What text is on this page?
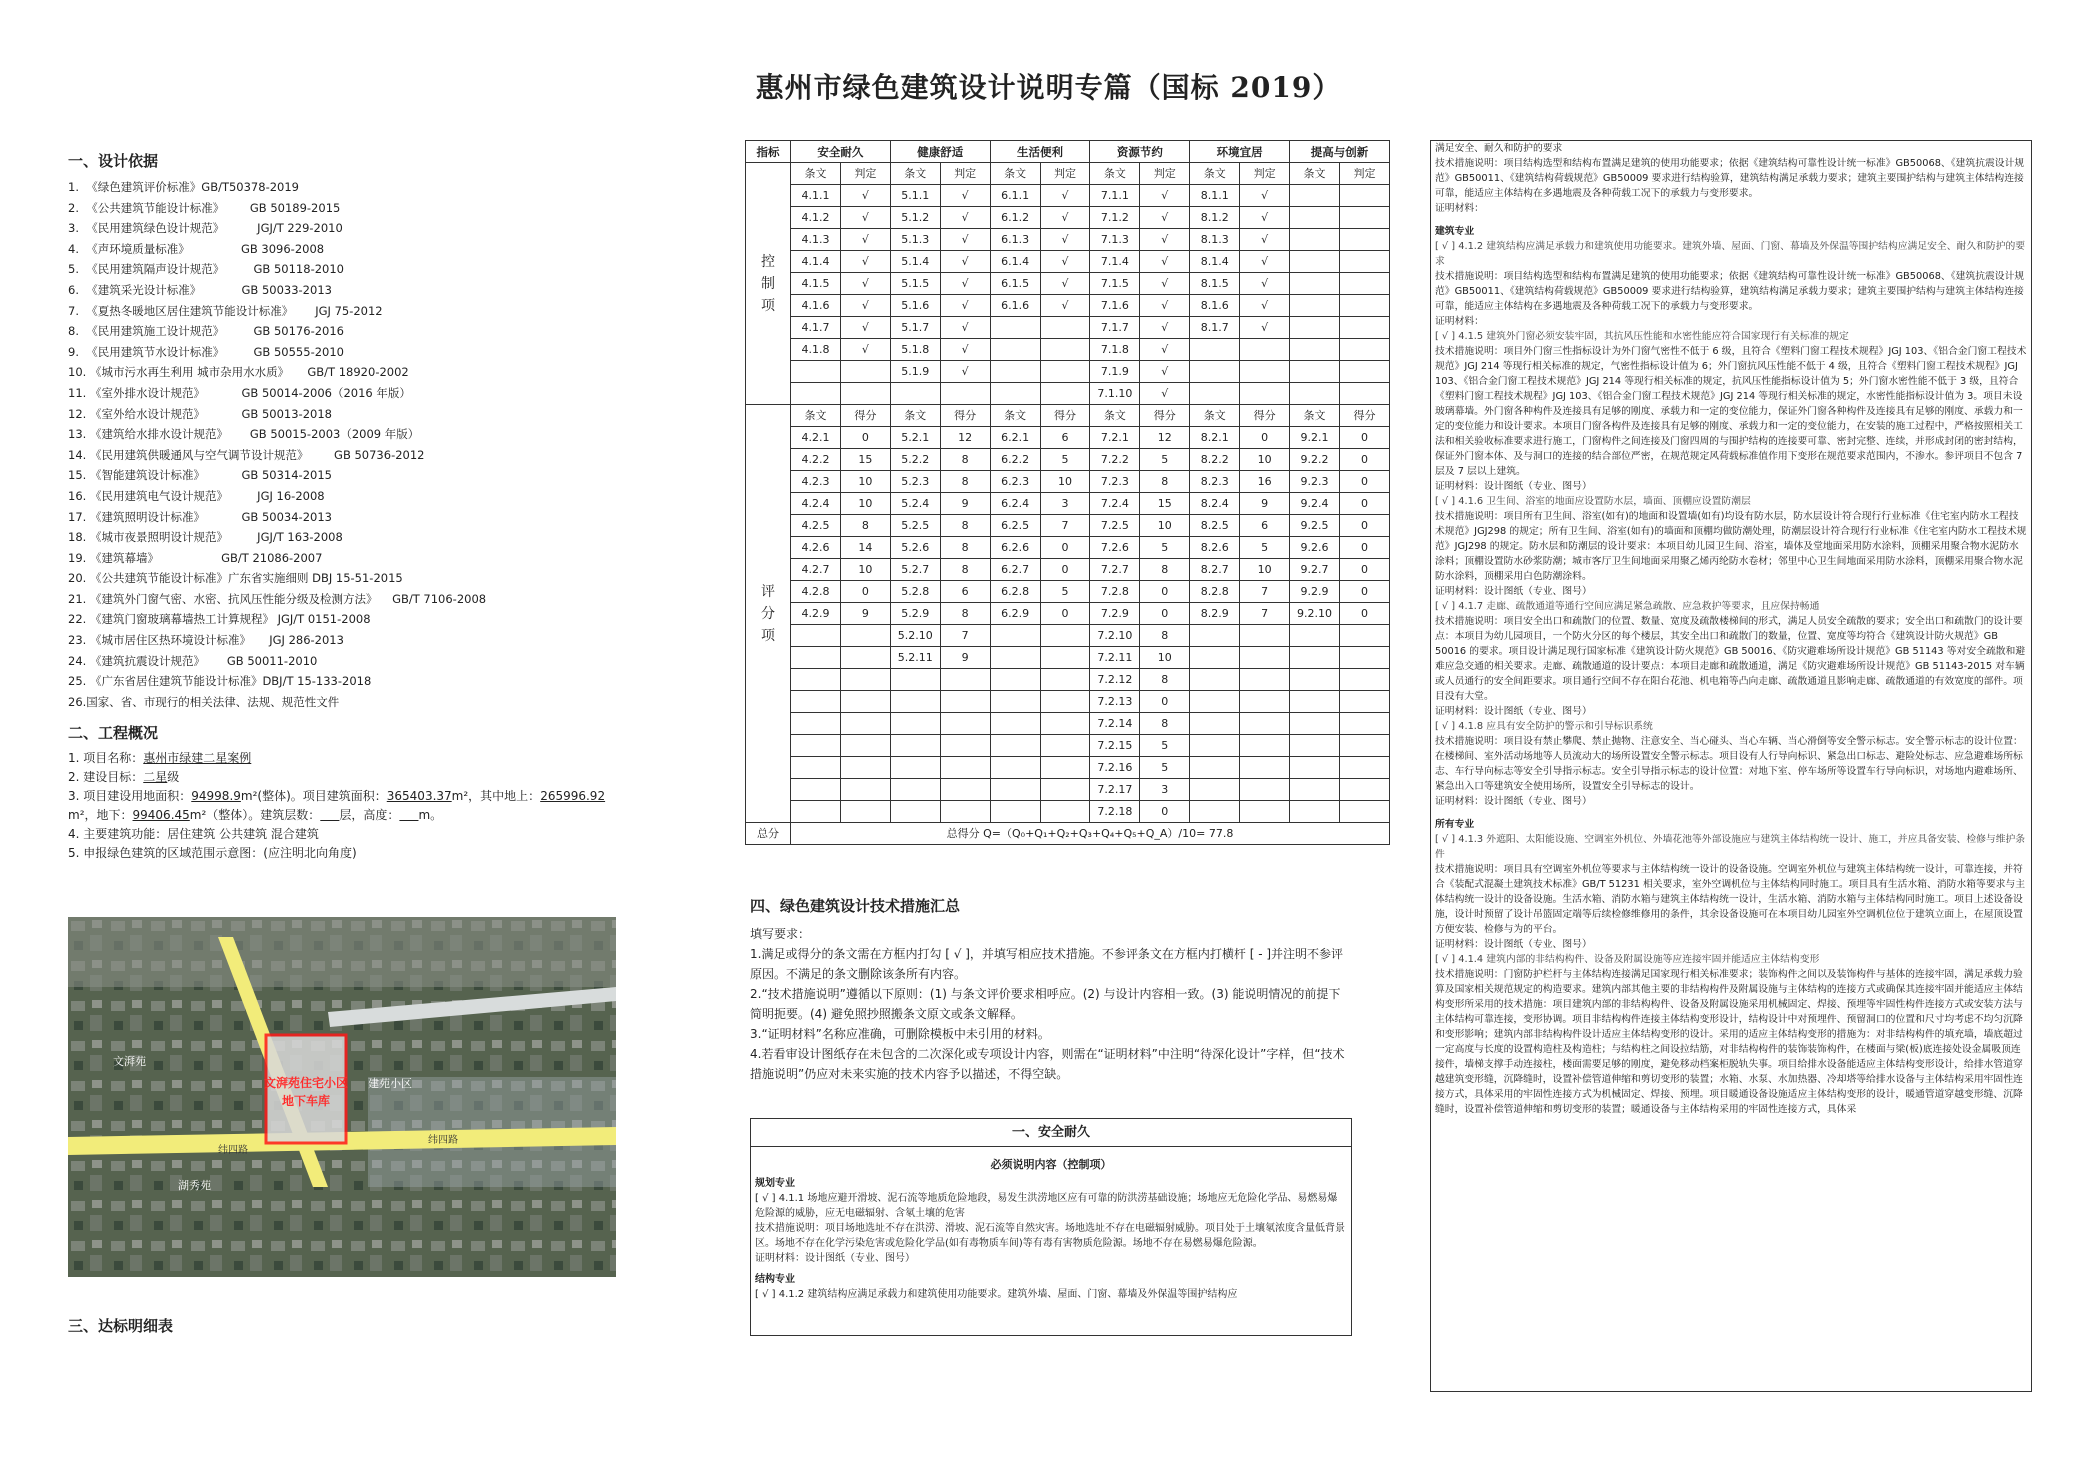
惠州市绿色建筑设计说明专篇（国标 2019）
一、设计依据
1.  《绿色建筑评价标准》GB/T50378-2019
2.  《公共建筑节能设计标准》       GB 50189-2015
3.  《民用建筑绿色设计规范》         JGJ/T 229-2010
4.  《声环境质量标准》              GB 3096-2008
5.  《民用建筑隔声设计规范》        GB 50118-2010
6.  《建筑采光设计标准》           GB 50033-2013
7.  《夏热冬暖地区居住建筑节能设计标准》      JGJ 75-2012
8.  《民用建筑施工设计规范》        GB 50176-2016
9.  《民用建筑节水设计标准》        GB 50555-2010
10. 《城市污水再生利用 城市杂用水水质》     GB/T 18920-2002
11. 《室外排水设计规范》          GB 50014-2006（2016 年版）
12. 《室外给水设计规范》          GB 50013-2018
13. 《建筑给水排水设计规范》      GB 50015-2003（2009 年版）
14. 《民用建筑供暖通风与空气调节设计规范》       GB 50736-2012
15. 《智能建筑设计标准》          GB 50314-2015
16. 《民用建筑电气设计规范》        JGJ 16-2008
17. 《建筑照明设计标准》          GB 50034-2013
18. 《城市夜景照明设计规范》        JGJ/T 163-2008
19. 《建筑幕墙》                 GB/T 21086-2007
20. 《公共建筑节能设计标准》广东省实施细则 DBJ 15-51-2015
21. 《建筑外门窗气密、水密、抗风压性能分级及检测方法》    GB/T 7106-2008
22. 《建筑门窗玻璃幕墙热工计算规程》 JGJ/T 0151-2008
23. 《城市居住区热环境设计标准》     JGJ 286-2013
24. 《建筑抗震设计规范》      GB 50011-2010
25. 《广东省居住建筑节能设计标准》DBJ/T 15-133-2018
26.国家、省、市现行的相关法律、法规、规范性文件
二、工程概况
1. 项目名称：惠州市绿建二星案例
2. 建设目标：二星级
3. 项目建设用地面积：94998.9m²(整体)。项目建筑面积：365403.37m²，其中地上：265996.92
m²，地下：99406.45m²（整体）。建筑层数： 层，高度： m。
4. 主要建筑功能：居住建筑 公共建筑 混合建筑
5. 申报绿色建筑的区域范围示意图：(应注明北向角度)
文湃苑住宅小区
地下车库
建苑小区
文湃苑
湖秀苑
纬四路
纬四路
三、达标明细表
指标	安全耐久		健康舒适		生活便利		资源节约		环境宜居		提高与创新	
控
制
项	条文	判定	条文	判定	条文	判定	条文	判定	条文	判定	条文	判定
	4.1.1	√	5.1.1	√	6.1.1	√	7.1.1	√	8.1.1	√		
	4.1.2	√	5.1.2	√	6.1.2	√	7.1.2	√	8.1.2	√		
	4.1.3	√	5.1.3	√	6.1.3	√	7.1.3	√	8.1.3	√		
	4.1.4	√	5.1.4	√	6.1.4	√	7.1.4	√	8.1.4	√		
	4.1.5	√	5.1.5	√	6.1.5	√	7.1.5	√	8.1.5	√		
	4.1.6	√	5.1.6	√	6.1.6	√	7.1.6	√	8.1.6	√		
	4.1.7	√	5.1.7	√			7.1.7	√	8.1.7	√		
	4.1.8	√	5.1.8	√			7.1.8	√				
			5.1.9	√			7.1.9	√				
							7.1.10	√				
评
分
项	条文	得分	条文	得分	条文	得分	条文	得分	条文	得分	条文	得分
	4.2.1	0	5.2.1	12	6.2.1	6	7.2.1	12	8.2.1	0	9.2.1	0
	4.2.2	15	5.2.2	8	6.2.2	5	7.2.2	5	8.2.2	10	9.2.2	0
	4.2.3	10	5.2.3	8	6.2.3	10	7.2.3	8	8.2.3	16	9.2.3	0
	4.2.4	10	5.2.4	9	6.2.4	3	7.2.4	15	8.2.4	9	9.2.4	0
	4.2.5	8	5.2.5	8	6.2.5	7	7.2.5	10	8.2.5	6	9.2.5	0
	4.2.6	14	5.2.6	8	6.2.6	0	7.2.6	5	8.2.6	5	9.2.6	0
	4.2.7	10	5.2.7	8	6.2.7	0	7.2.7	8	8.2.7	10	9.2.7	0
	4.2.8	0	5.2.8	6	6.2.8	5	7.2.8	0	8.2.8	7	9.2.9	0
	4.2.9	9	5.2.9	8	6.2.9	0	7.2.9	0	8.2.9	7	9.2.10	0
			5.2.10	7			7.2.10	8				
			5.2.11	9			7.2.11	10				
							7.2.12	8				
							7.2.13	0				
							7.2.14	8				
							7.2.15	5				
							7.2.16	5				
							7.2.17	3				
							7.2.18	0				
总分	总得分 Q=（Q₀+Q₁+Q₂+Q₃+Q₄+Q₅+Q_A）/10= 77.8											
四、绿色建筑设计技术措施汇总

填写要求：

1.满足或得分的条文需在方框内打勾 [ √ ]，并填写相应技术措施。不参评条文在方框内打横杆 [ - ]并注明不参评原因。不满足的条文删除该条所有内容。

2.“技术措施说明”遵循以下原则：(1) 与条文评价要求相呼应。(2) 与设计内容相一致。(3) 能说明情况的前提下简明扼要。(4) 避免照抄照搬条文原文或条文解释。

3.“证明材料”名称应准确，可删除模板中未引用的材料。

4.若看审设计图纸存在未包含的二次深化或专项设计内容，则需在“证明材料”中注明“待深化设计”字样，但“技术措施说明”仍应对未来实施的技术内容予以描述，不得空缺。

一、安全耐久
必须说明内容（控制项）
规划专业

[ √ ] 4.1.1 场地应避开滑坡、泥石流等地质危险地段，易发生洪涝地区应有可靠的防洪涝基础设施；场地应无危险化学品、易燃易爆危险源的威胁，应无电磁辐射、含氡土壤的危害

技术措施说明：项目场地选址不存在洪涝、滑坡、泥石流等自然灾害。场地选址不存在电磁辐射威胁。项目处于土壤氡浓度含量低背景区。场地不存在化学污染危害或危险化学品(如有毒物质车间)等有毒有害物质危险源。场地不存在易燃易爆危险源。

证明材料：设计图纸（专业、图号）

结构专业

[ √ ] 4.1.2 建筑结构应满足承载力和建筑使用功能要求。建筑外墙、屋面、门窗、幕墙及外保温等围护结构应

满足安全、耐久和防护的要求

技术措施说明：项目结构选型和结构布置满足建筑的使用功能要求；依据《建筑结构可靠性设计统一标准》GB50068、《建筑抗震设计规范》GB50011、《建筑结构荷载规范》GB50009 要求进行结构验算，建筑结构满足承载力要求；建筑主要围护结构与建筑主体结构连接可靠，能适应主体结构在多遇地震及各种荷载工况下的承载力与变形要求。

证明材料：

建筑专业

[ √ ] 4.1.2 建筑结构应满足承载力和建筑使用功能要求。建筑外墙、屋面、门窗、幕墙及外保温等围护结构应满足安全、耐久和防护的要求

技术措施说明：项目结构选型和结构布置满足建筑的使用功能要求；依据《建筑结构可靠性设计统一标准》GB50068、《建筑抗震设计规范》GB50011、《建筑结构荷载规范》GB50009 要求进行结构验算，建筑结构满足承载力要求；建筑主要围护结构与建筑主体结构连接可靠，能适应主体结构在多遇地震及各种荷载工况下的承载力与变形要求。

证明材料：

[ √ ] 4.1.5 建筑外门窗必须安装牢固，其抗风压性能和水密性能应符合国家现行有关标准的规定

技术措施说明：项目外门窗三性指标设计为外门窗气密性不低于 6 级，且符合《塑料门窗工程技术规程》JGJ 103、《铝合金门窗工程技术规范》JGJ 214 等现行相关标准的规定，气密性指标设计值为 6；外门窗抗风压性能不低于 4 级，且符合《塑料门窗工程技术规程》JGJ 103、《铝合金门窗工程技术规范》JGJ 214 等现行相关标准的规定，抗风压性能指标设计值为 5；外门窗水密性能不低于 3 级，且符合《塑料门窗工程技术规程》JGJ 103、《铝合金门窗工程技术规范》JGJ 214 等现行相关标准的规定，水密性能指标设计值为 3。项目未设玻璃幕墙。外门窗各种构件及连接具有足够的刚度、承载力和一定的变位能力，保证外门窗各种构件及连接具有足够的刚度、承载力和一定的变位能力和设计要求。本项目门窗各构件及连接具有足够的刚度、承载力和一定的变位能力，在安装的施工过程中，严格按照相关工法和相关验收标准要求进行施工，门窗构件之间连接及门窗四周的与围护结构的连接要可靠、密封完整、连续，并形成封闭的密封结构，保证外门窗本体、及与洞口的连接的结合部位严密，在规范规定风荷载标准值作用下变形在规范要求范围内，不渗水。参评项目不包含 7 层及 7 层以上建筑。

证明材料：设计图纸（专业、图号）

[ √ ] 4.1.6 卫生间、浴室的地面应设置防水层，墙面、顶棚应设置防潮层

技术措施说明：项目所有卫生间、浴室(如有)的地面和设置墙(如有)均设有防水层，防水层设计符合现行行业标准《住宅室内防水工程技术规范》JGJ298 的规定；所有卫生间、浴室(如有)的墙面和顶棚均做防潮处理，防潮层设计符合现行行业标准《住宅室内防水工程技术规范》JGJ298 的规定。防水层和防潮层的设计要求：本项目幼儿园卫生间、浴室，墙体及堂地面采用防水涂料，顶棚采用聚合物水泥防水涂料；顶棚设置防水砂浆防潮；城市客厅卫生间地面采用聚乙烯丙纶防水卷材；邻里中心卫生间地面采用防水涂料，顶棚采用聚合物水泥防水涂料，顶棚采用白色防潮涂料。

证明材料：设计图纸（专业、图号）

[ √ ] 4.1.7 走廊、疏散通道等通行空间应满足紧急疏散、应急救护等要求，且应保持畅通

技术措施说明：项目安全出口和疏散门的位置、数量、宽度及疏散楼梯间的形式，满足人员安全疏散的要求；安全出口和疏散门的设计要点：本项目为幼儿园项目，一个防火分区的每个楼层，其安全出口和疏散门的数量，位置、宽度等均符合《建筑设计防火规范》GB 50016 的要求。项目设计满足现行国家标准《建筑设计防火规范》GB 50016、《防灾避难场所设计规范》GB 51143 等对安全疏散和避难应急交通的相关要求。走廊、疏散通道的设计要点：本项目走廊和疏散通道，满足《防灾避难场所设计规范》GB 51143-2015 对车辆或人员通行的安全间距要求。项目通行空间不存在阳台花池、机电箱等凸向走廊、疏散通道且影响走廊、疏散通道的有效宽度的部件。项目没有大堂。

证明材料：设计图纸（专业、图号）

[ √ ] 4.1.8 应具有安全防护的警示和引导标识系统

技术措施说明：项目设有禁止攀爬、禁止抛物、注意安全、当心碰头、当心车辆、当心滑倒等安全警示标志。安全警示标志的设计位置：在楼梯间、室外活动场地等人员流动大的场所设置安全警示标志。项目设有人行导向标识、紧急出口标志、避险处标志、应急避难场所标志、车行导向标志等安全引导指示标志。安全引导指示标志的设计位置：对地下室、停车场所等设置车行导向标识，对场地内避难场所、紧急出入口等建筑安全使用场所，设置安全引导标志的设计。

证明材料：设计图纸（专业、图号）

所有专业

[ √ ] 4.1.3 外遮阳、太阳能设施、空调室外机位、外墙花池等外部设施应与建筑主体结构统一设计、施工，并应具备安装、检修与维护条件

技术措施说明：项目具有空调室外机位等要求与主体结构统一设计的设备设施。空调室外机位与建筑主体结构统一设计，可靠连接，并符合《装配式混凝土建筑技术标准》GB/T 51231 相关要求，室外空调机位与主体结构同时施工。项目具有生活水箱、消防水箱等要求与主体结构统一设计的设备设施。生活水箱、消防水箱与建筑主体结构统一设计，生活水箱、消防水箱与主体结构同时施工。项目上述设备设施，设计时预留了设计吊篮固定端等后续检修维修用的条件，其余设备设施可在本项目幼儿园室外空调机位位于建筑立面上，在屋顶设置方便安装、检修与为的平台。

证明材料：设计图纸（专业、图号）

[ √ ] 4.1.4 建筑内部的非结构构件、设备及附属设施等应连接牢固并能适应主体结构变形

技术措施说明：门窗防护栏杆与主体结构连接满足国家现行相关标准要求；装饰构件之间以及装饰构件与基体的连接牢固，满足承载力验算及国家相关规范规定的构造要求。建筑内部其他主要的非结构构件及附属设施与主体结构的连接方式或确保其连接牢固并能适应主体结构变形所采用的技术措施：项目建筑内部的非结构构件、设备及附属设施采用机械固定、焊接、预埋等牢固性构件连接方式或安装方法与主体结构可靠连接，变形协调。项目非结构构件连接主体结构变形设计，结构设计中对预埋件、预留洞口的位置和尺寸均考虑不均匀沉降和变形影响；建筑内部非结构构件设计适应主体结构变形的设计。采用的适应主体结构变形的措施为：对非结构构件的填充墙，墙底超过一定高度与长度的设置构造柱及构造柱；与结构柱之间设拉结筋，对非结构构件的装饰装饰构件，在楼面与梁(板)底连接处设金属吸顶连接件，墙梯支撑手动连接柱，楼面需要足够的刚度，避免移动档案柜脱轨失事。项目给排水设备能适应主体结构变形设计，给排水管道穿越建筑变形缝，沉降缝时，设置补偿管道伸缩和剪切变形的装置；水箱、水泵、水加热器、冷却塔等给排水设备与主体结构采用牢固性连接方式，具体采用的牢固性连接方式为机械固定、焊接、预埋。项目暖通设备设施适应主体结构变形的设计，暖通管道穿越变形缝、沉降缝时，设置补偿管道伸缩和剪切变形的装置；暖通设备与主体结构采用的牢固性连接方式，具体采
